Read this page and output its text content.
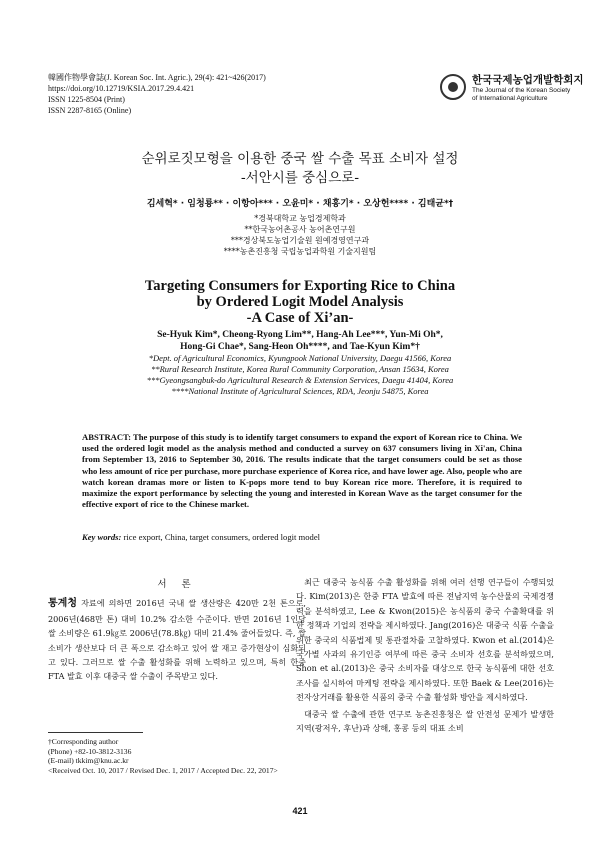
韓國作物學會誌(J. Korean Soc. Int. Agric.), 29(4): 421~426(2017)
https://doi.org/10.12719/KSIA.2017.29.4.421
ISSN 1225-8504 (Print)
ISSN 2287-8165 (Online)
한국국제농업개발학회지
The Journal of the Korean Society
of International Agriculture
순위로짓모형을 이용한 중국 쌀 수출 목표 소비자 설정
-서안시를 중심으로-
김세혁* · 임청룡** · 이항아*** · 오윤미* · 채홍기* · 오상헌**** · 김태균*†
*경북대학교 농업경제학과
**한국농어촌공사 농어촌연구원
***경상북도농업기술원 원예경영연구과
****농촌진흥청 국립농업과학원 기술지원팀
Targeting Consumers for Exporting Rice to China
by Ordered Logit Model Analysis
-A Case of Xi’an-
Se-Hyuk Kim*, Cheong-Ryong Lim**, Hang-Ah Lee***, Yun-Mi Oh*,
Hong-Gi Chae*, Sang-Heon Oh****, and Tae-Kyun Kim*†
*Dept. of Agricultural Economics, Kyungpook National University, Daegu 41566, Korea
**Rural Research Institute, Korea Rural Community Corporation, Ansan 15634, Korea
***Gyeongsangbuk-do Agricultural Research & Extension Services, Daegu 41404, Korea
****National Institute of Agricultural Sciences, RDA, Jeonju 54875, Korea
ABSTRACT: The purpose of this study is to identify target consumers to expand the export of Korean rice to China. We used the ordered logit model as the analysis method and conducted a survey on 637 consumers living in Xi'an, China from September 13, 2016 to September 30, 2016. The results indicate that the target consumers could be set as those who less amount of rice per purchase, more purchase experience of Korea rice, and have lower age. Also, people who are watch korean dramas more or listen to K-pops more tend to buy Korean rice more. Therefore, it is required to maximize the export performance by selecting the young and interested in Korean Wave as the target consumer for the effective export of rice to the Chinese market.
Key words: rice export, China, target consumers, ordered logit model
서 론

통계청 자료에 의하면 2016년 국내 쌀 생산량은 420만 2천 톤으로, 2006년(468만 톤) 대비 10.2% 감소한 수준이다. 반면 2016년 1인당 쌀 소비량은 61.9㎏로 2006년(78.8㎏) 대비 21.4% 줄어들었다. 즉, 쌀 소비가 생산보다 더 큰 폭으로 감소하고 있어 쌀 재고 증가현상이 심화되고 있다. 그러므로 쌀 수출 활성화를 위해 노력하고 있으며, 특히 한중 FTA 발효 이후 대중국 쌀 수출이 주목받고 있다.

 최근 대중국 농식품 수출 활성화를 위해 여러 선행 연구들이 수행되었다. Kim(2013)은 한중 FTA 발효에 따른 전남지역 농수산물의 국제경쟁력을 분석하였고, Lee & Kwon(2015)은 농식품의 중국 수출확대를 위한 정책과 기업의 전략을 제시하였다. Jang(2016)은 대중국 식품 수출을 위한 중국의 식품법제 및 통관절차를 고찰하였다. Kwon et al.(2014)은 국가별 사과의 유기인증 여부에 따른 중국 소비자 선호를 분석하였으며, Shon et al.(2013)은 중국 소비자를 대상으로 한국 농식품에 대한 선호조사를 실시하여 마케팅 전략을 제시하였다. 또한 Baek & Lee(2016)는 전자상거래를 활용한 식품의 중국 수출 활성화 방안을 제시하였다.

 대중국 쌀 수출에 관한 연구로 농촌진흥청은 쌀 안전성 문제가 발생한 지역(광저우, 후난)과 상해, 홍콩 등의 대표 소비

†Corresponding author
(Phone) +82-10-3812-3136
(E-mail) tkkim@knu.ac.kr
<Received Oct. 10, 2017 / Revised Dec. 1, 2017 / Accepted Dec. 22, 2017>
421
